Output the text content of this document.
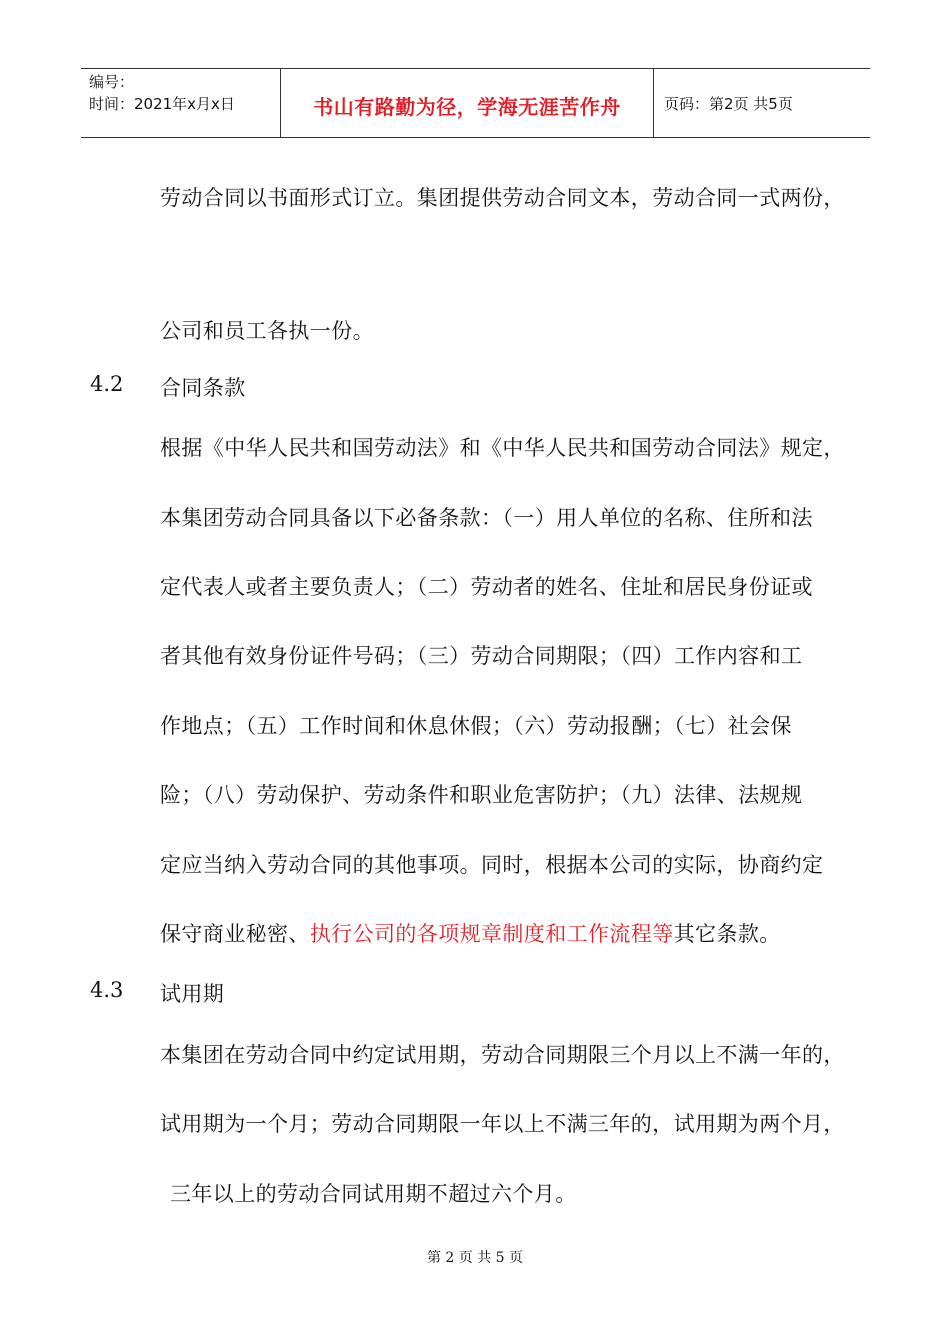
编号：
时间：2021年x月x日	书山有路勤为径，学海无涯苦作舟	页码：第2页 共5页
劳动合同以书面形式订立。集团提供劳动合同文本，劳动合同一式两份，
公司和员工各执一份。
4.2 合同条款
根据《中华人民共和国劳动法》和《中华人民共和国劳动合同法》规定，
本集团劳动合同具备以下必备条款：（一）用人单位的名称、住所和法
定代表人或者主要负责人；（二）劳动者的姓名、住址和居民身份证或
者其他有效身份证件号码；（三）劳动合同期限；（四）工作内容和工
作地点；（五）工作时间和休息休假；（六）劳动报酬；（七）社会保
险；（八）劳动保护、劳动条件和职业危害防护；（九）法律、法规规
定应当纳入劳动合同的其他事项。同时，根据本公司的实际，协商约定
保守商业秘密、执行公司的各项规章制度和工作流程等其它条款。
4.3 试用期
本集团在劳动合同中约定试用期，劳动合同期限三个月以上不满一年的，
试用期为一个月；劳动合同期限一年以上不满三年的，试用期为两个月，
三年以上的劳动合同试用期不超过六个月。
第 2 页 共 5 页
